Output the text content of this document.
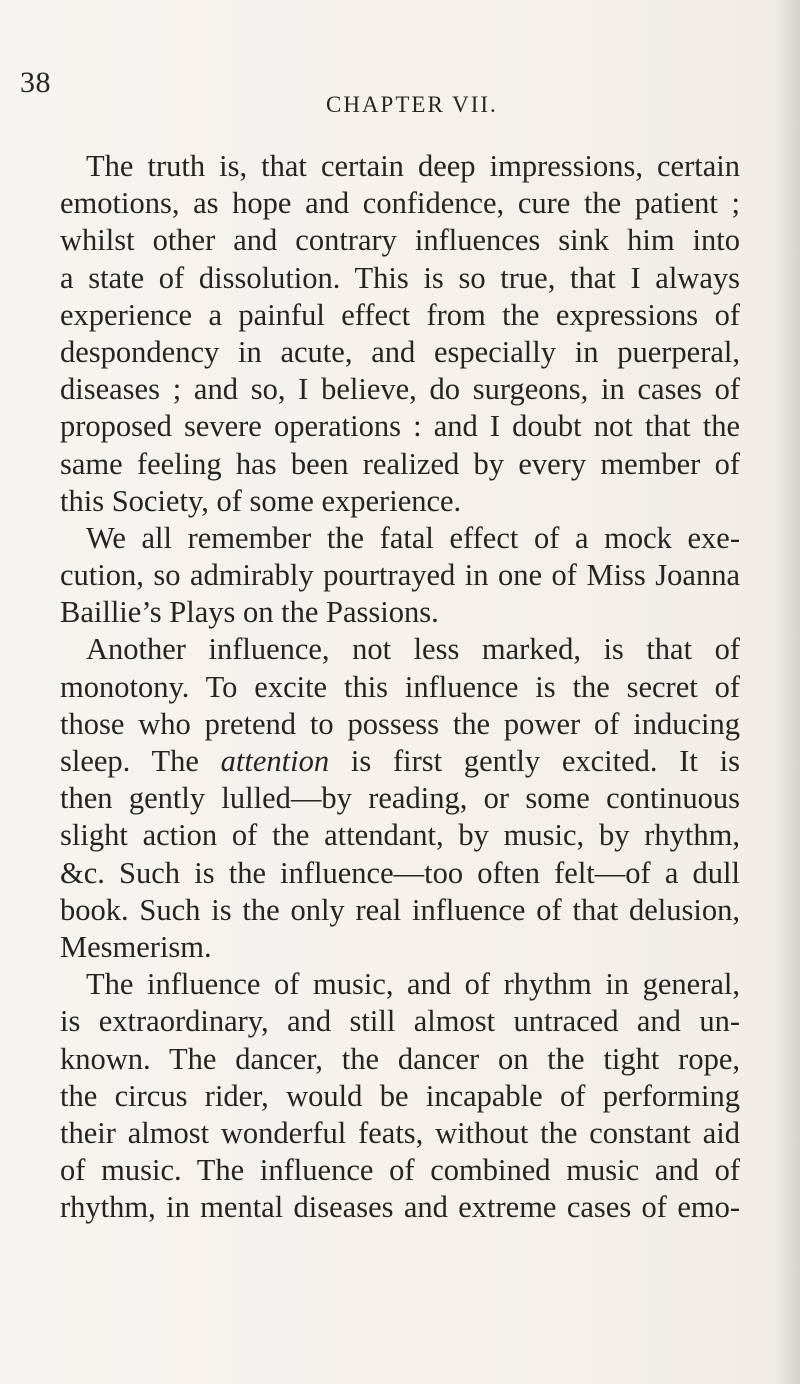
38
CHAPTER VII.
The truth is, that certain deep impressions, certain
emotions, as hope and confidence, cure the patient ;
whilst other and contrary influences sink him into
a state of dissolution. This is so true, that I always
experience a painful effect from the expressions of
despondency in acute, and especially in puerperal,
diseases ; and so, I believe, do surgeons, in cases of
proposed severe operations : and I doubt not that the
same feeling has been realized by every member of
this Society, of some experience.
We all remember the fatal effect of a mock exe-
cution, so admirably pourtrayed in one of Miss Joanna
Baillie’s Plays on the Passions.
Another influence, not less marked, is that of
monotony. To excite this influence is the secret of
those who pretend to possess the power of inducing
sleep. The attention is first gently excited. It is
then gently lulled—by reading, or some continuous
slight action of the attendant, by music, by rhythm,
&c. Such is the influence—too often felt—of a dull
book. Such is the only real influence of that delusion,
Mesmerism.
The influence of music, and of rhythm in general,
is extraordinary, and still almost untraced and un-
known. The dancer, the dancer on the tight rope,
the circus rider, would be incapable of performing
their almost wonderful feats, without the constant aid
of music. The influence of combined music and of
rhythm, in mental diseases and extreme cases of emo-
